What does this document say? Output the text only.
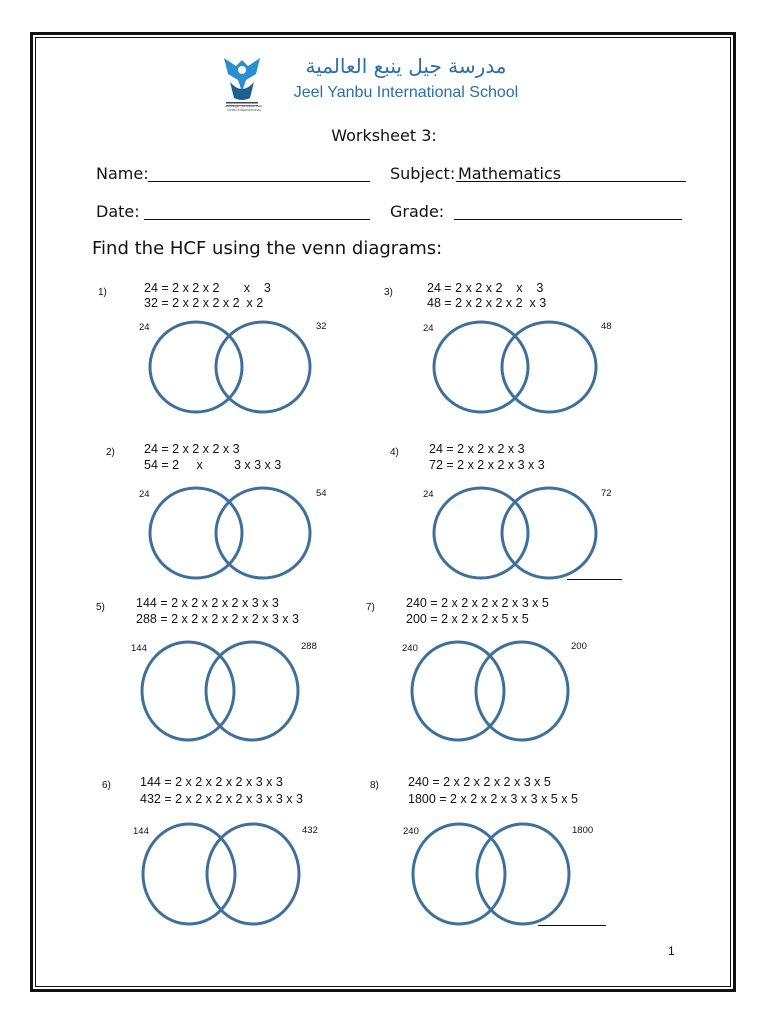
مدرسة جيل ينبع العالمية JEEL YANBU INTERNATIONAL
مدرسة جيل ينبع العالمية
Jeel Yanbu International School
Worksheet 3:
Name:	Subject: Mathematics
Date:	Grade:
Find the HCF using the venn diagrams:
1)	24 = 2 x 2 x 2       x    3
32 = 2 x 2 x 2 x 2  x 2
24	32
3)	24 = 2 x 2 x 2    x    3
48 = 2 x 2 x 2 x 2  x 3
24	48
2) 24 = 2 x 2 x 2 x 3
54 = 2     x         3 x 3 x 3
24	54
4) 24 = 2 x 2 x 2 x 3
72 = 2 x 2 x 2 x 3 x 3
24	72
5) 144 = 2 x 2 x 2 x 2 x 3 x 3
288 = 2 x 2 x 2 x 2 x 2 x 3 x 3
144	288
7) 240 = 2 x 2 x 2 x 2 x 3 x 5
200 = 2 x 2 x 2 x 5 x 5
240	200
6) 144 = 2 x 2 x 2 x 2 x 3 x 3
432 = 2 x 2 x 2 x 2 x 3 x 3 x 3
144	432
8) 240 = 2 x 2 x 2 x 2 x 3 x 5
1800 = 2 x 2 x 2 x 3 x 3 x 5 x 5
240	1800
1
